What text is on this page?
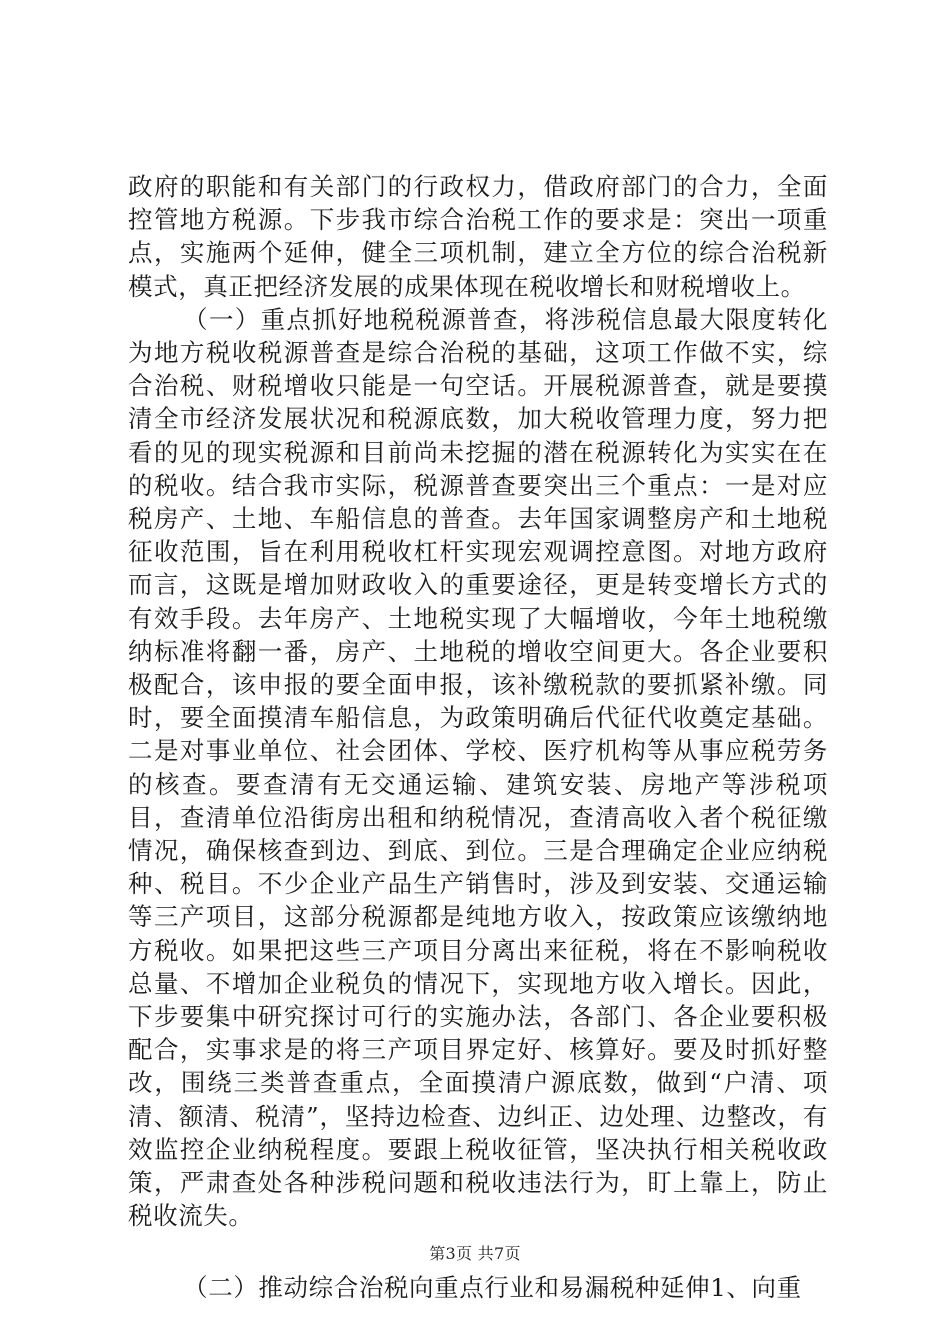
政府的职能和有关部门的行政权力，借政府部门的合力，全面控管地方税源。下步我市综合治税工作的要求是：突出一项重点，实施两个延伸，健全三项机制，建立全方位的综合治税新模式，真正把经济发展的成果体现在税收增长和财税增收上。

（一）重点抓好地税税源普查，将涉税信息最大限度转化为地方税收税源普查是综合治税的基础，这项工作做不实，综合治税、财税增收只能是一句空话。开展税源普查，就是要摸清全市经济发展状况和税源底数，加大税收管理力度，努力把看的见的现实税源和目前尚未挖掘的潜在税源转化为实实在在的税收。结合我市实际，税源普查要突出三个重点：一是对应税房产、土地、车船信息的普查。去年国家调整房产和土地税征收范围，旨在利用税收杠杆实现宏观调控意图。对地方政府而言，这既是增加财政收入的重要途径，更是转变增长方式的有效手段。去年房产、土地税实现了大幅增收，今年土地税缴纳标准将翻一番，房产、土地税的增收空间更大。各企业要积极配合，该申报的要全面申报，该补缴税款的要抓紧补缴。同时，要全面摸清车船信息，为政策明确后代征代收奠定基础。二是对事业单位、社会团体、学校、医疗机构等从事应税劳务的核查。要查清有无交通运输、建筑安装、房地产等涉税项目，查清单位沿街房出租和纳税情况，查清高收入者个税征缴情况，确保核查到边、到底、到位。三是合理确定企业应纳税种、税目。不少企业产品生产销售时，涉及到安装、交通运输等三产项目，这部分税源都是纯地方收入，按政策应该缴纳地方税收。如果把这些三产项目分离出来征税，将在不影响税收总量、不增加企业税负的情况下，实现地方收入增长。因此，下步要集中研究探讨可行的实施办法，各部门、各企业要积极配合，实事求是的将三产项目界定好、核算好。要及时抓好整改，围绕三类普查重点，全面摸清户源底数，做到“户清、项清、额清、税清”，坚持边检查、边纠正、边处理、边整改，有效监控企业纳税程度。要跟上税收征管，坚决执行相关税收政策，严肃查处各种涉税问题和税收违法行为，盯上靠上，防止税收流失。

（二）推动综合治税向重点行业和易漏税种延伸1、向重

第3页 共7页
